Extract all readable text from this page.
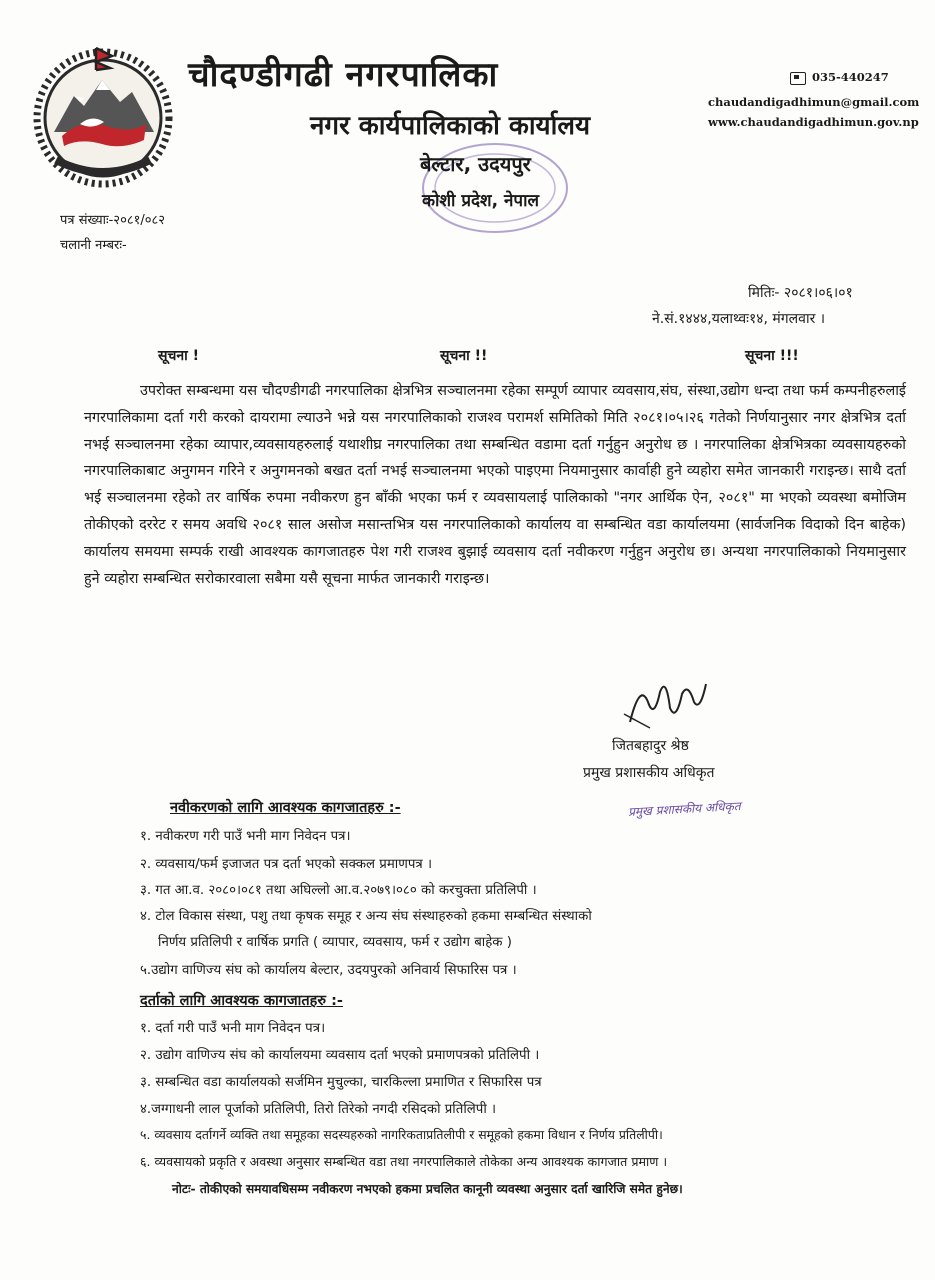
चौदण्डीगढी नगरपालिका
नगर कार्यपालिकाको कार्यालय
बेल्टार, उदयपुर
कोशी प्रदेश, नेपाल
035-440247
chaudandigadhimun@gmail.com
www.chaudandigadhimun.gov.np
पत्र संख्याः-२०८१/०८२
चलानी नम्बरः-
मितिः- २०८१।०६।०१
ने.सं.१४४४,यलाथ्वः१४, मंगलवार ।
सूचना !	सूचना !!	सूचना !!!
उपरोक्त सम्बन्धमा यस चौदण्डीगढी नगरपालिका क्षेत्रभित्र सञ्चालनमा रहेका सम्पूर्ण व्यापार व्यवसाय,संघ, संस्था,उद्योग धन्दा तथा फर्म कम्पनीहरुलाई नगरपालिकामा दर्ता गरी करको दायरामा ल्याउने भन्ने यस नगरपालिकाको राजश्व परामर्श समितिको मिति २०८१।०५।२६ गतेको निर्णयानुसार नगर क्षेत्रभित्र दर्ता नभई सञ्चालनमा रहेका व्यापार,व्यवसायहरुलाई यथाशीघ्र नगरपालिका तथा सम्बन्धित वडामा दर्ता गर्नुहुन अनुरोध छ । नगरपालिका क्षेत्रभित्रका व्यवसायहरुको नगरपालिकाबाट अनुगमन गरिने र अनुगमनको बखत दर्ता नभई सञ्चालनमा भएको पाइएमा नियमानुसार कार्वाही हुने व्यहोरा समेत जानकारी गराइन्छ। साथै दर्ता भई सञ्चालनमा रहेको तर वार्षिक रुपमा नवीकरण हुन बाँकी भएका फर्म र व्यवसायलाई पालिकाको "नगर आर्थिक ऐन, २०८१" मा भएको व्यवस्था बमोजिम तोकीएको दररेट र समय अवधि २०८१ साल असोज मसान्तभित्र यस नगरपालिकाको कार्यालय वा सम्बन्धित वडा कार्यालयमा (सार्वजनिक विदाको दिन बाहेक) कार्यालय समयमा सम्पर्क राखी आवश्यक कागजातहरु पेश गरी राजश्व बुझाई व्यवसाय दर्ता नवीकरण गर्नुहुन अनुरोध छ। अन्यथा नगरपालिकाको नियमानुसार हुने व्यहोरा सम्बन्धित सरोकारवाला सबैमा यसै सूचना मार्फत जानकारी गराइन्छ।
जितबहादुर श्रेष्ठ
प्रमुख प्रशासकीय अधिकृत
प्रमुख प्रशासकीय अधिकृत
नवीकरणको लागि आवश्यक कागजातहरु :-
१. नवीकरण गरी पाउँ भनी माग निवेदन पत्र।
२. व्यवसाय/फर्म इजाजत पत्र दर्ता भएको सक्कल प्रमाणपत्र ।
३. गत आ.व. २०८०।०८१ तथा अघिल्लो आ.व.२०७९।०८० को करचुक्ता प्रतिलिपी ।
४. टोल विकास संस्था, पशु तथा कृषक समूह र अन्य संघ संस्थाहरुको हकमा सम्बन्धित संस्थाको
निर्णय प्रतिलिपी र वार्षिक प्रगति ( व्यापार, व्यवसाय, फर्म र उद्योग बाहेक )
५.उद्योग वाणिज्य संघ को कार्यालय बेल्टार, उदयपुरको अनिवार्य सिफारिस पत्र ।
दर्ताको लागि आवश्यक कागजातहरु :-
१. दर्ता गरी पाउँ भनी माग निवेदन पत्र।
२. उद्योग वाणिज्य संघ को कार्यालयमा व्यवसाय दर्ता भएको प्रमाणपत्रको प्रतिलिपी ।
३. सम्बन्धित वडा कार्यालयको सर्जमिन मुचुल्का, चारकिल्ला प्रमाणित र सिफारिस पत्र
४.जग्गाधनी लाल पूर्जाको प्रतिलिपी, तिरो तिरेको नगदी रसिदको प्रतिलिपी ।
५. व्यवसाय दर्तागर्ने व्यक्ति तथा समूहका सदस्यहरुको नागरिकताप्रतिलीपी र समूहको हकमा विधान र निर्णय प्रतिलीपी।
६. व्यवसायको प्रकृति र अवस्था अनुसार सम्बन्धित वडा तथा नगरपालिकाले तोकेका अन्य आवश्यक कागजात प्रमाण ।
नोटः- तोकीएको समयावधिसम्म नवीकरण नभएको हकमा प्रचलित कानूनी व्यवस्था अनुसार दर्ता खारिजि समेत हुनेछ।
